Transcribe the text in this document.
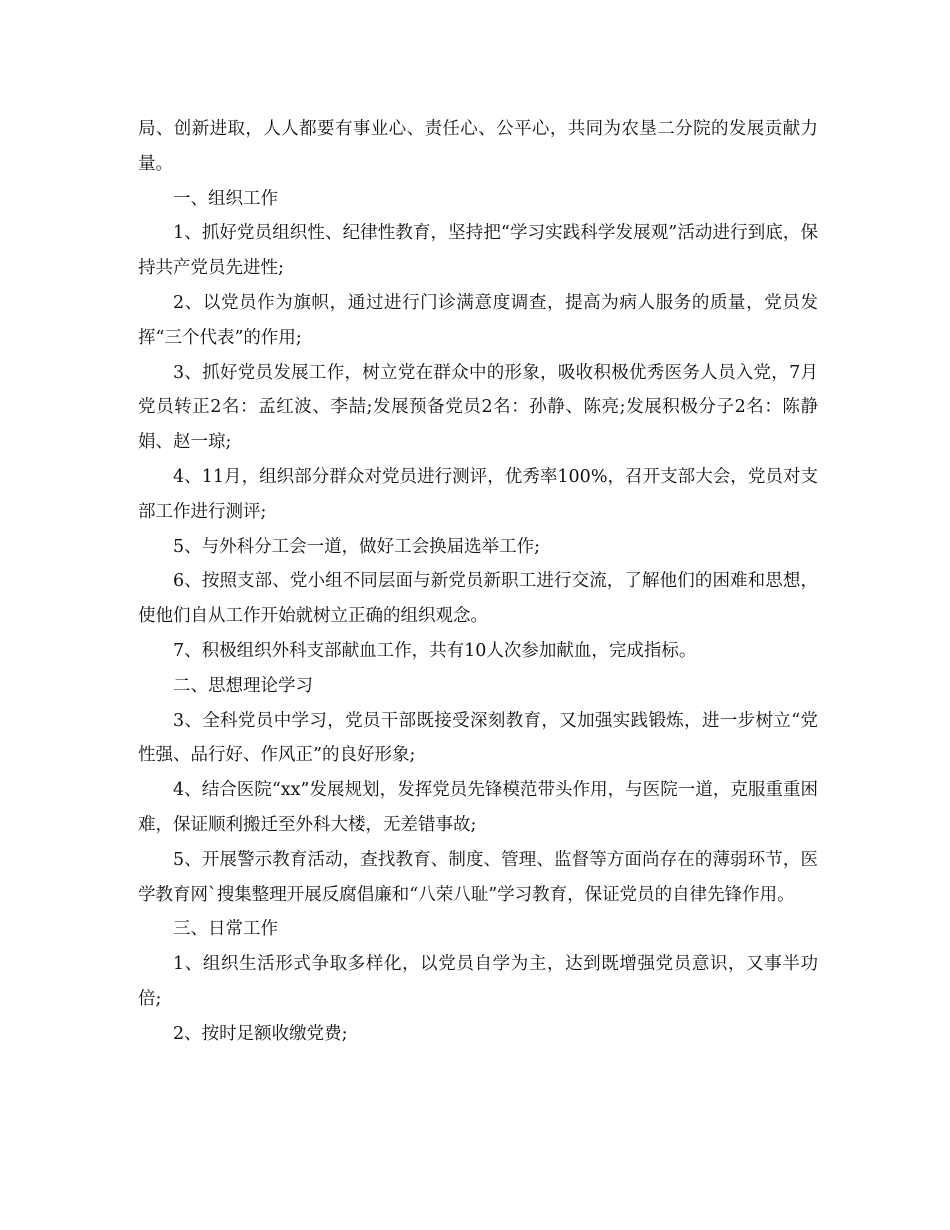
局、创新进取，人人都要有事业心、责任心、公平心，共同为农垦二分院的发展贡献力量。

一、组织工作

1、抓好党员组织性、纪律性教育，坚持把“学习实践科学发展观”活动进行到底，保持共产党员先进性;

2、以党员作为旗帜，通过进行门诊满意度调查，提高为病人服务的质量，党员发挥“三个代表”的作用;

3、抓好党员发展工作，树立党在群众中的形象，吸收积极优秀医务人员入党，7月党员转正2名：孟红波、李喆;发展预备党员2名：孙静、陈亮;发展积极分子2名：陈静娟、赵一琼;

4、11月，组织部分群众对党员进行测评，优秀率100%，召开支部大会，党员对支部工作进行测评;

5、与外科分工会一道，做好工会换届选举工作;

6、按照支部、党小组不同层面与新党员新职工进行交流，了解他们的困难和思想，使他们自从工作开始就树立正确的组织观念。

7、积极组织外科支部献血工作，共有10人次参加献血，完成指标。

二、思想理论学习

3、全科党员中学习，党员干部既接受深刻教育，又加强实践锻炼，进一步树立“党性强、品行好、作风正”的良好形象;

4、结合医院“xx”发展规划，发挥党员先锋模范带头作用，与医院一道，克服重重困难，保证顺利搬迁至外科大楼，无差错事故;

5、开展警示教育活动，查找教育、制度、管理、监督等方面尚存在的薄弱环节，医学教育网`搜集整理开展反腐倡廉和“八荣八耻”学习教育，保证党员的自律先锋作用。

三、日常工作

1、组织生活形式争取多样化，以党员自学为主，达到既增强党员意识，又事半功倍;

2、按时足额收缴党费;
